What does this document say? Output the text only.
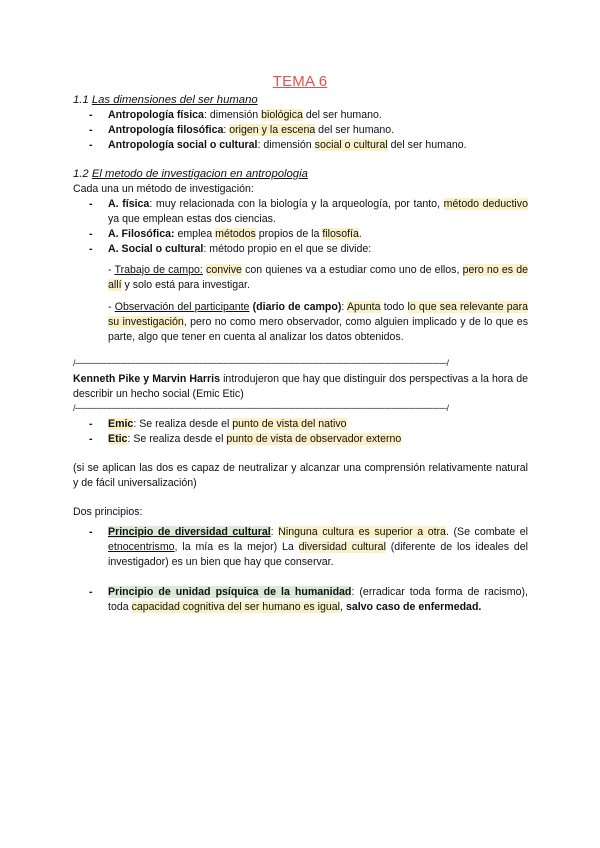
TEMA 6
1.1 Las dimensiones del ser humano
- Antropología física: dimensión biológica del ser humano.
- Antropología filosófica: origen y la escena del ser humano.
- Antropología social o cultural: dimensión social o cultural del ser humano.
1.2 El metodo de investigacion en antropologia
Cada una un método de investigación:
- A. física: muy relacionada con la biología y la arqueología, por tanto, método deductivo ya que emplean estas dos ciencias.
- A. Filosófica: emplea métodos propios de la filosofía.
- A. Social o cultural: método propio en el que se divide:
- Trabajo de campo: convive con quienes va a estudiar como uno de ellos, pero no es de allí y solo está para investigar.
- Observación del participante (diario de campo): Apunta todo lo que sea relevante para su investigación, pero no como mero observador, como alguien implicado y de lo que es parte, algo que tener en cuenta al analizar los datos obtenidos.
/-----------------------------------------------------------------------------------------------------------------------------------------------------------/
Kenneth Pike y Marvin Harris introdujeron que hay que distinguir dos perspectivas a la hora de describir un hecho social (Emic Etic)
/-----------------------------------------------------------------------------------------------------------------------------------------------------------/
- Emic: Se realiza desde el punto de vista del nativo
- Etic: Se realiza desde el punto de vista de observador externo
(si se aplican las dos es capaz de neutralizar y alcanzar una comprensión relativamente natural y de fácil universalización)
Dos principios:
- Principio de diversidad cultural: Ninguna cultura es superior a otra. (Se combate el etnocentrismo, la mía es la mejor) La diversidad cultural (diferente de los ideales del investigador) es un bien que hay que conservar.
- Principio de unidad psíquica de la humanidad: (erradicar toda forma de racismo), toda capacidad cognitiva del ser humano es igual, salvo caso de enfermedad.
